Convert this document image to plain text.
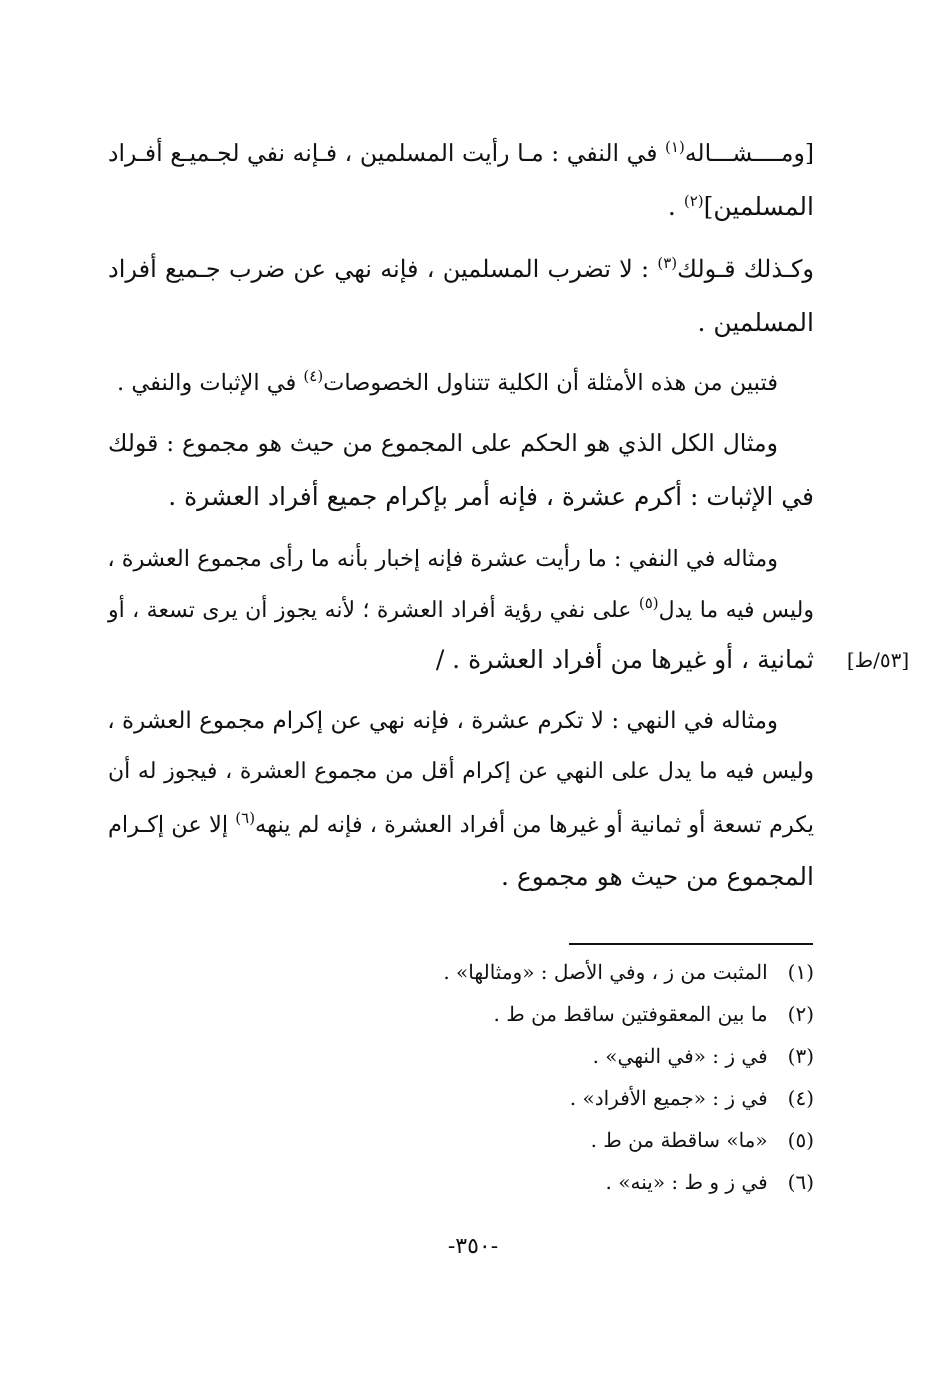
[ومــــشـــاله$^{(١)}$ في النفي : مـا رأيت المسلمين ، فـإنه نفي لجـميـع أفـراد
المسلمين]$^{(٢)}$ .
وكـذلك قـولك$^{(٣)}$ : لا تضرب المسلمين ، فإنه نهي عن ضرب جـميع أفراد
المسلمين .
فتبين من هذه الأمثلة أن الكلية تتناول الخصوصات$^{(٤)}$ في الإثبات والنفي .
ومثال الكل الذي هو الحكم على المجموع من حيث هو مجموع : قولك
في الإثبات : أكرم عشرة ، فإنه أمر بإكرام جميع أفراد العشرة .
ومثاله في النفي : ما رأيت عشرة فإنه إخبار بأنه ما رأى مجموع العشرة ،
وليس فيه ما يدل$^{(٥)}$ على نفي رؤية أفراد العشرة ؛ لأنه يجوز أن يرى تسعة ، أو
ثمانية ، أو غيرها من أفراد العشرة . /
ومثاله في النهي : لا تكرم عشرة ، فإنه نهي عن إكرام مجموع العشرة ،
وليس فيه ما يدل على النهي عن إكرام أقل من مجموع العشرة ، فيجوز له أن
يكرم تسعة أو ثمانية أو غيرها من أفراد العشرة ، فإنه لم ينهه$^{(٦)}$ إلا عن إكـرام
المجموع من حيث هو مجموع .
[٥٣/ط]
(١) المثبت من ز ، وفي الأصل : «ومثالها» .
(٢) ما بين المعقوفتين ساقط من ط .
(٣) في ز : «في النهي» .
(٤) في ز : «جميع الأفراد» .
(٥) «ما» ساقطة من ط .
(٦) في ز و ط : «ينه» .
-٣٥٠-
